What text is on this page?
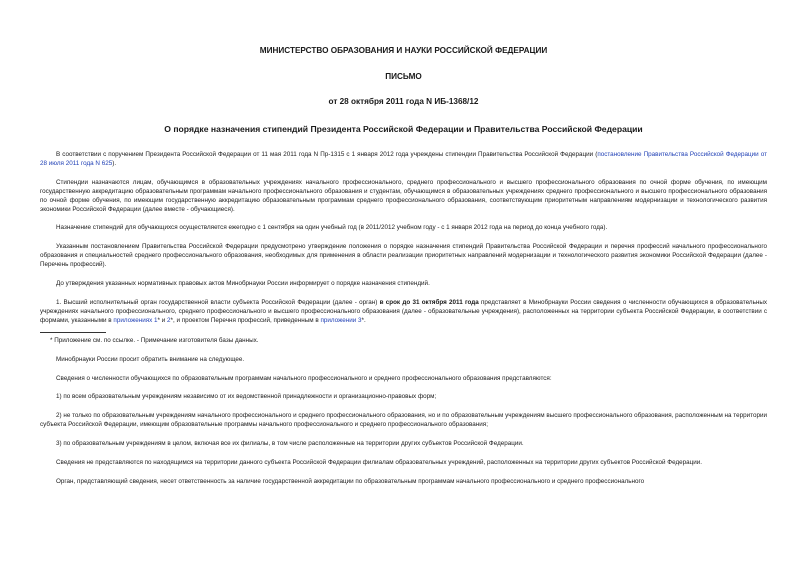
МИНИСТЕРСТВО ОБРАЗОВАНИЯ И НАУКИ РОССИЙСКОЙ ФЕДЕРАЦИИ
ПИСЬМО
от 28 октября 2011 года N ИБ-1368/12
О порядке назначения стипендий Президента Российской Федерации и Правительства Российской Федерации

В соответствии с поручением Президента Российской Федерации от 11 мая 2011 года N Пр-1315 с 1 января 2012 года учреждены стипендии Правительства Российской Федерации (постановление Правительства Российской Федерации от 28 июля 2011 года N 625).

Стипендии назначаются лицам, обучающимся в образовательных учреждениях начального профессионального, среднего профессионального и высшего профессионального образования по очной форме обучения, по имеющим государственную аккредитацию образовательным программам начального профессионального образования и студентам, обучающимся в образовательных учреждениях среднего профессионального и высшего профессионального образования по очной форме обучения, по имеющим государственную аккредитацию образовательным программам среднего профессионального образования, соответствующим приоритетным направлениям модернизации и технологического развития экономики Российской Федерации (далее вместе - обучающиеся).

Назначение стипендий для обучающихся осуществляется ежегодно с 1 сентября на один учебный год (в 2011/2012 учебном году - с 1 января 2012 года на период до конца учебного года).

Указанным постановлением Правительства Российской Федерации предусмотрено утверждение положения о порядке назначения стипендий Правительства Российской Федерации и перечня профессий начального профессионального образования и специальностей среднего профессионального образования, необходимых для применения в области реализации приоритетных направлений модернизации и технологического развития экономики Российской Федерации (далее - Перечень профессий).

До утверждения указанных нормативных правовых актов Минобрнауки России информирует о порядке назначения стипендий.

1. Высший исполнительный орган государственной власти субъекта Российской Федерации (далее - орган) в срок до 31 октября 2011 года представляет в Минобрнауки России сведения о численности обучающихся в образовательных учреждениях начального профессионального, среднего профессионального и высшего профессионального образования (далее - образовательные учреждения), расположенных на территории субъекта Российской Федерации, в соответствии с формами, указанными в приложениях 1* и 2*, и проектом Перечня профессий, приведенным в приложении 3*.

* Приложение см. по ссылке. - Примечание изготовителя базы данных.

Минобрнауки России просит обратить внимание на следующее.

Сведения о численности обучающихся по образовательным программам начального профессионального и среднего профессионального образования представляются:

1) по всем образовательным учреждениям независимо от их ведомственной принадлежности и организационно-правовых форм;

2) не только по образовательным учреждениям начального профессионального и среднего профессионального образования, но и по образовательным учреждениям высшего профессионального образования, расположенным на территории субъекта Российской Федерации, имеющим образовательные программы начального профессионального и среднего профессионального образования;

3) по образовательным учреждениям в целом, включая все их филиалы, в том числе расположенные на территории других субъектов Российской Федерации.

Сведения не представляются по находящимся на территории данного субъекта Российской Федерации филиалам образовательных учреждений, расположенных на территории других субъектов Российской Федерации.

Орган, представляющий сведения, несет ответственность за наличие государственной аккредитации по образовательным программам начального профессионального и среднего профессионального
